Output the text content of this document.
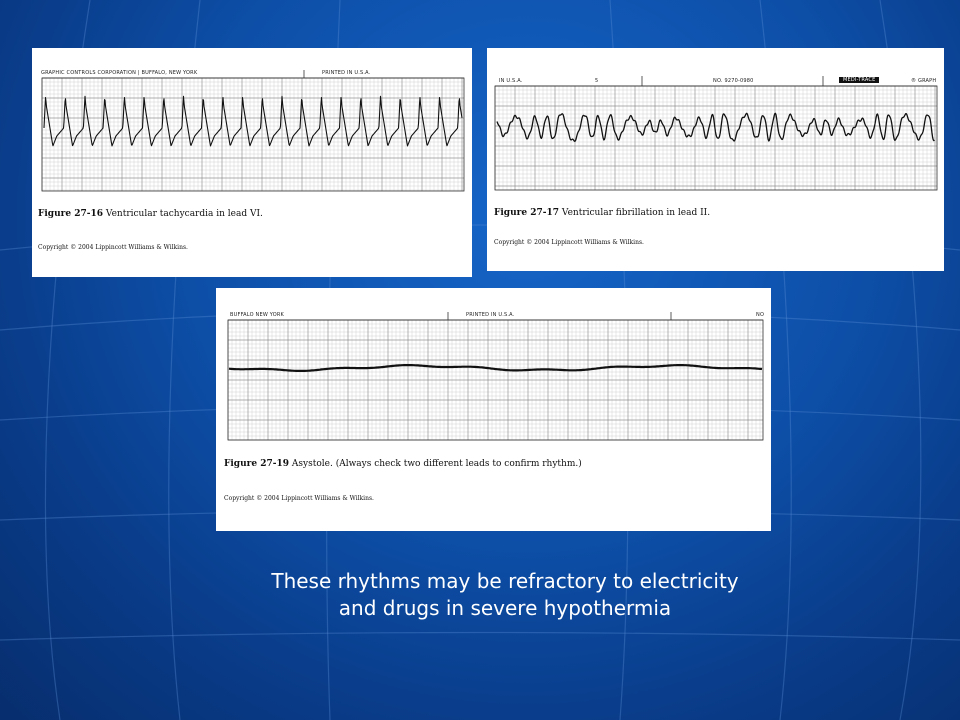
GRAPHIC CONTROLS CORPORATION | BUFFALO, NEW YORK	PRINTED IN U.S.A.
Figure 27-16 Ventricular tachycardia in lead VI.
Copyright © 2004 Lippincott Williams & Wilkins.
IN U.S.A.	5	NO. 9270-0980	MEDI-TRACE	® GRAPH
Figure 27-17 Ventricular fibrillation in lead II.
Copyright © 2004 Lippincott Williams & Wilkins.
BUFFALO NEW YORK	PRINTED IN U.S.A.	NO
Figure 27-19 Asystole. (Always check two different leads to confirm rhythm.)
Copyright © 2004 Lippincott Williams & Wilkins.
These rhythms may be refractory to electricity and drugs in severe hypothermia
